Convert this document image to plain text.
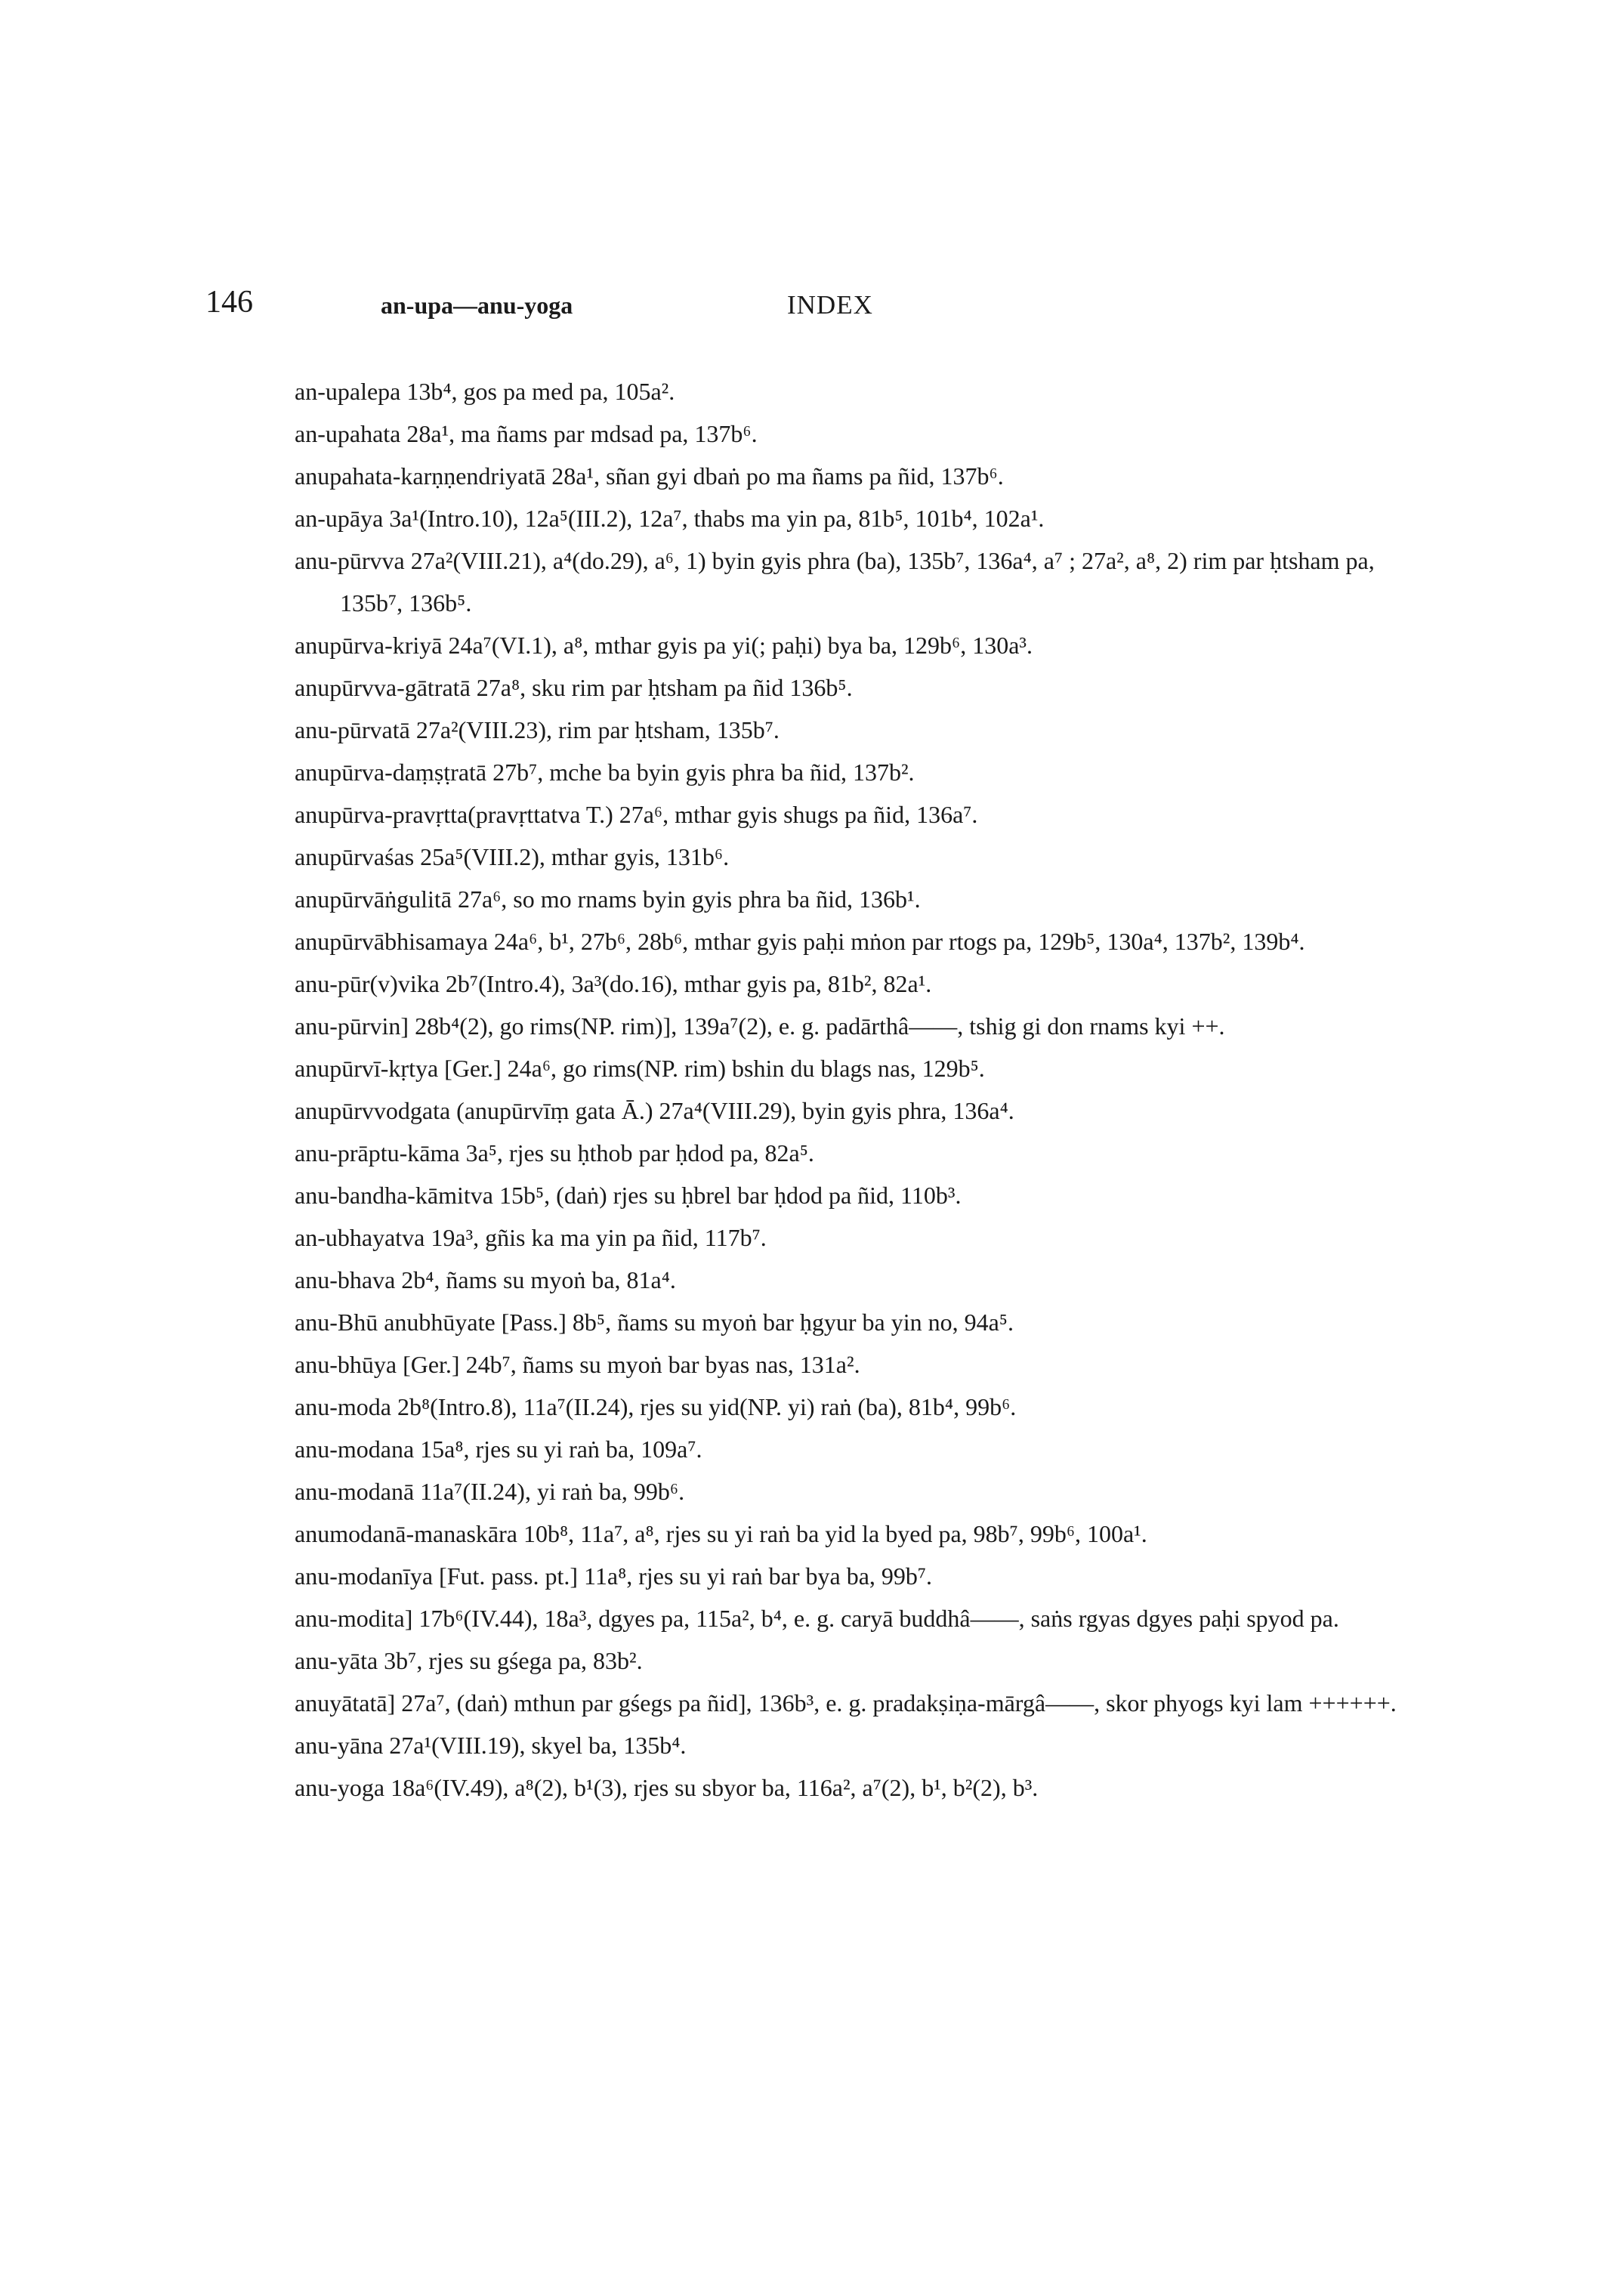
146	an-upa—anu-yoga	INDEX

an-upalepa 13b⁴, gos pa med pa, 105a².

an-upahata 28a¹, ma ñams par mdsad pa, 137b⁶.

anupahata-karṇṇendriyatā 28a¹, sñan gyi dbaṅ po ma ñams pa ñid, 137b⁶.

an-upāya 3a¹(Intro.10), 12a⁵(III.2), 12a⁷, thabs ma yin pa, 81b⁵, 101b⁴, 102a¹.

anu-pūrvva 27a²(VIII.21), a⁴(do.29), a⁶, 1) byin gyis phra (ba), 135b⁷, 136a⁴, a⁷ ; 27a², a⁸, 2) rim par ḥtsham pa, 135b⁷, 136b⁵.

anupūrva-kriyā 24a⁷(VI.1), a⁸, mthar gyis pa yi(; paḥi) bya ba, 129b⁶, 130a³.

anupūrvva-gātratā 27a⁸, sku rim par ḥtsham pa ñid 136b⁵.

anu-pūrvatā 27a²(VIII.23), rim par ḥtsham, 135b⁷.

anupūrva-daṃṣṭratā 27b⁷, mche ba byin gyis phra ba ñid, 137b².

anupūrva-pravṛtta(pravṛttatva T.) 27a⁶, mthar gyis shugs pa ñid, 136a⁷.

anupūrvaśas 25a⁵(VIII.2), mthar gyis, 131b⁶.

anupūrvāṅgulitā 27a⁶, so mo rnams byin gyis phra ba ñid, 136b¹.

anupūrvābhisamaya 24a⁶, b¹, 27b⁶, 28b⁶, mthar gyis paḥi mṅon par rtogs pa, 129b⁵, 130a⁴, 137b², 139b⁴.

anu-pūr(v)vika 2b⁷(Intro.4), 3a³(do.16), mthar gyis pa, 81b², 82a¹.

anu-pūrvin] 28b⁴(2), go rims(NP. rim)], 139a⁷(2), e. g. padārthâ——, tshig gi don rnams kyi ++.

anupūrvī-kṛtya [Ger.] 24a⁶, go rims(NP. rim) bshin du blags nas, 129b⁵.

anupūrvvodgata (anupūrvīṃ gata Ā.) 27a⁴(VIII.29), byin gyis phra, 136a⁴.

anu-prāptu-kāma 3a⁵, rjes su ḥthob par ḥdod pa, 82a⁵.

anu-bandha-kāmitva 15b⁵, (daṅ) rjes su ḥbrel bar ḥdod pa ñid, 110b³.

an-ubhayatva 19a³, gñis ka ma yin pa ñid, 117b⁷.

anu-bhava 2b⁴, ñams su myoṅ ba, 81a⁴.

anu-Bhū anubhūyate [Pass.] 8b⁵, ñams su myoṅ bar ḥgyur ba yin no, 94a⁵.

anu-bhūya [Ger.] 24b⁷, ñams su myoṅ bar byas nas, 131a².

anu-moda 2b⁸(Intro.8), 11a⁷(II.24), rjes su yid(NP. yi) raṅ (ba), 81b⁴, 99b⁶.

anu-modana 15a⁸, rjes su yi raṅ ba, 109a⁷.

anu-modanā 11a⁷(II.24), yi raṅ ba, 99b⁶.

anumodanā-manaskāra 10b⁸, 11a⁷, a⁸, rjes su yi raṅ ba yid la byed pa, 98b⁷, 99b⁶, 100a¹.

anu-modanīya [Fut. pass. pt.] 11a⁸, rjes su yi raṅ bar bya ba, 99b⁷.

anu-modita] 17b⁶(IV.44), 18a³, dgyes pa, 115a², b⁴, e. g. caryā buddhâ——, saṅs rgyas dgyes paḥi spyod pa.

anu-yāta 3b⁷, rjes su gśega pa, 83b².

anuyātatā] 27a⁷, (daṅ) mthun par gśegs pa ñid], 136b³, e. g. pradakṣiṇa-mārgâ——, skor phyogs kyi lam ++++++.

anu-yāna 27a¹(VIII.19), skyel ba, 135b⁴.

anu-yoga 18a⁶(IV.49), a⁸(2), b¹(3), rjes su sbyor ba, 116a², a⁷(2), b¹, b²(2), b³.
